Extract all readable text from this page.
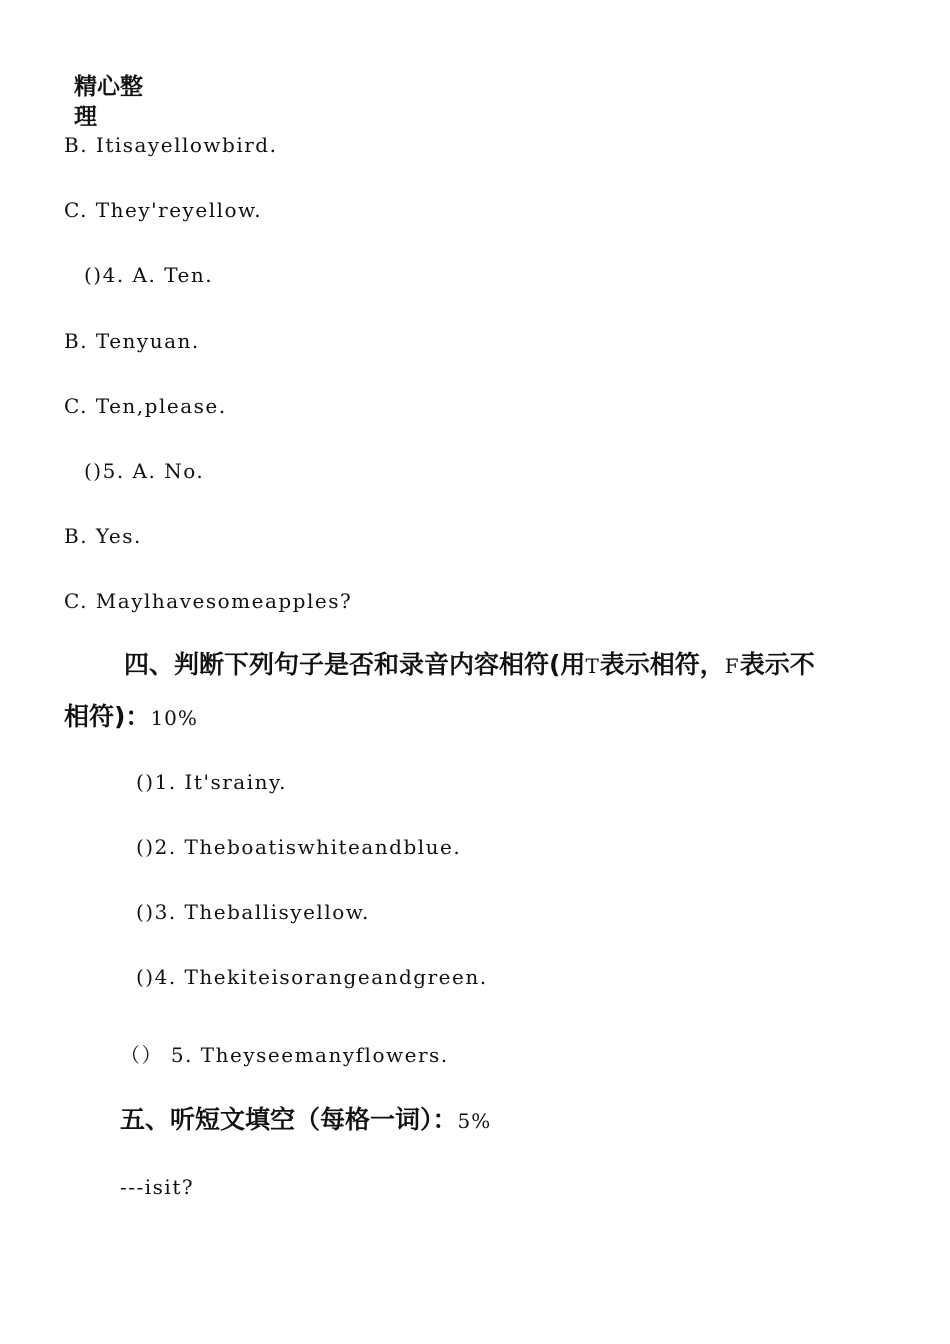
精心整
理
B. Itisayellowbird.
C. They'reyellow.
()4. A. Ten.
B. Tenyuan.
C. Ten,please.
()5. A. No.
B. Yes.
C. Maylhavesomeapples?
四、判断下列句子是否和录音内容相符(用T表示相符，F表示不
相符)：10%
()1. It'srainy.
()2. Theboatiswhiteandblue.
()3. Theballisyellow.
()4. Thekiteisorangeandgreen.
（） 5. Theyseemanyflowers.
五、听短文填空（每格一词）：5%
---isit?
